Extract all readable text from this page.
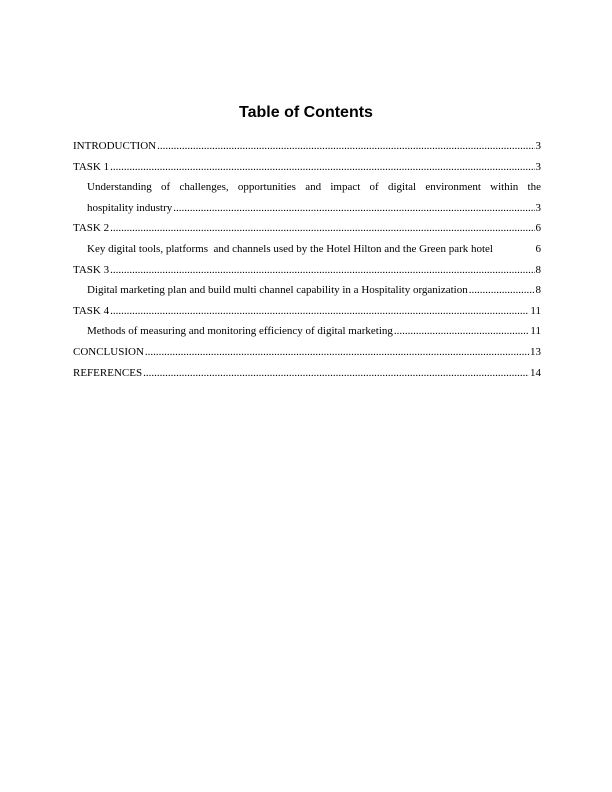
Table of Contents
INTRODUCTION .....	3
TASK 1 .....	3
Understanding of challenges, opportunities and impact of digital environment within the
hospitality industry .....	3
TASK 2 .....	6
Key digital tools, platforms  and channels used by the Hotel Hilton and the Green park hotel	6
TASK 3 .....	8
Digital marketing plan and build multi channel capability in a Hospitality organization .....	8
TASK 4 .....	11
Methods of measuring and monitoring efficiency of digital marketing .....	11
CONCLUSION .....	13
REFERENCES .....	14
